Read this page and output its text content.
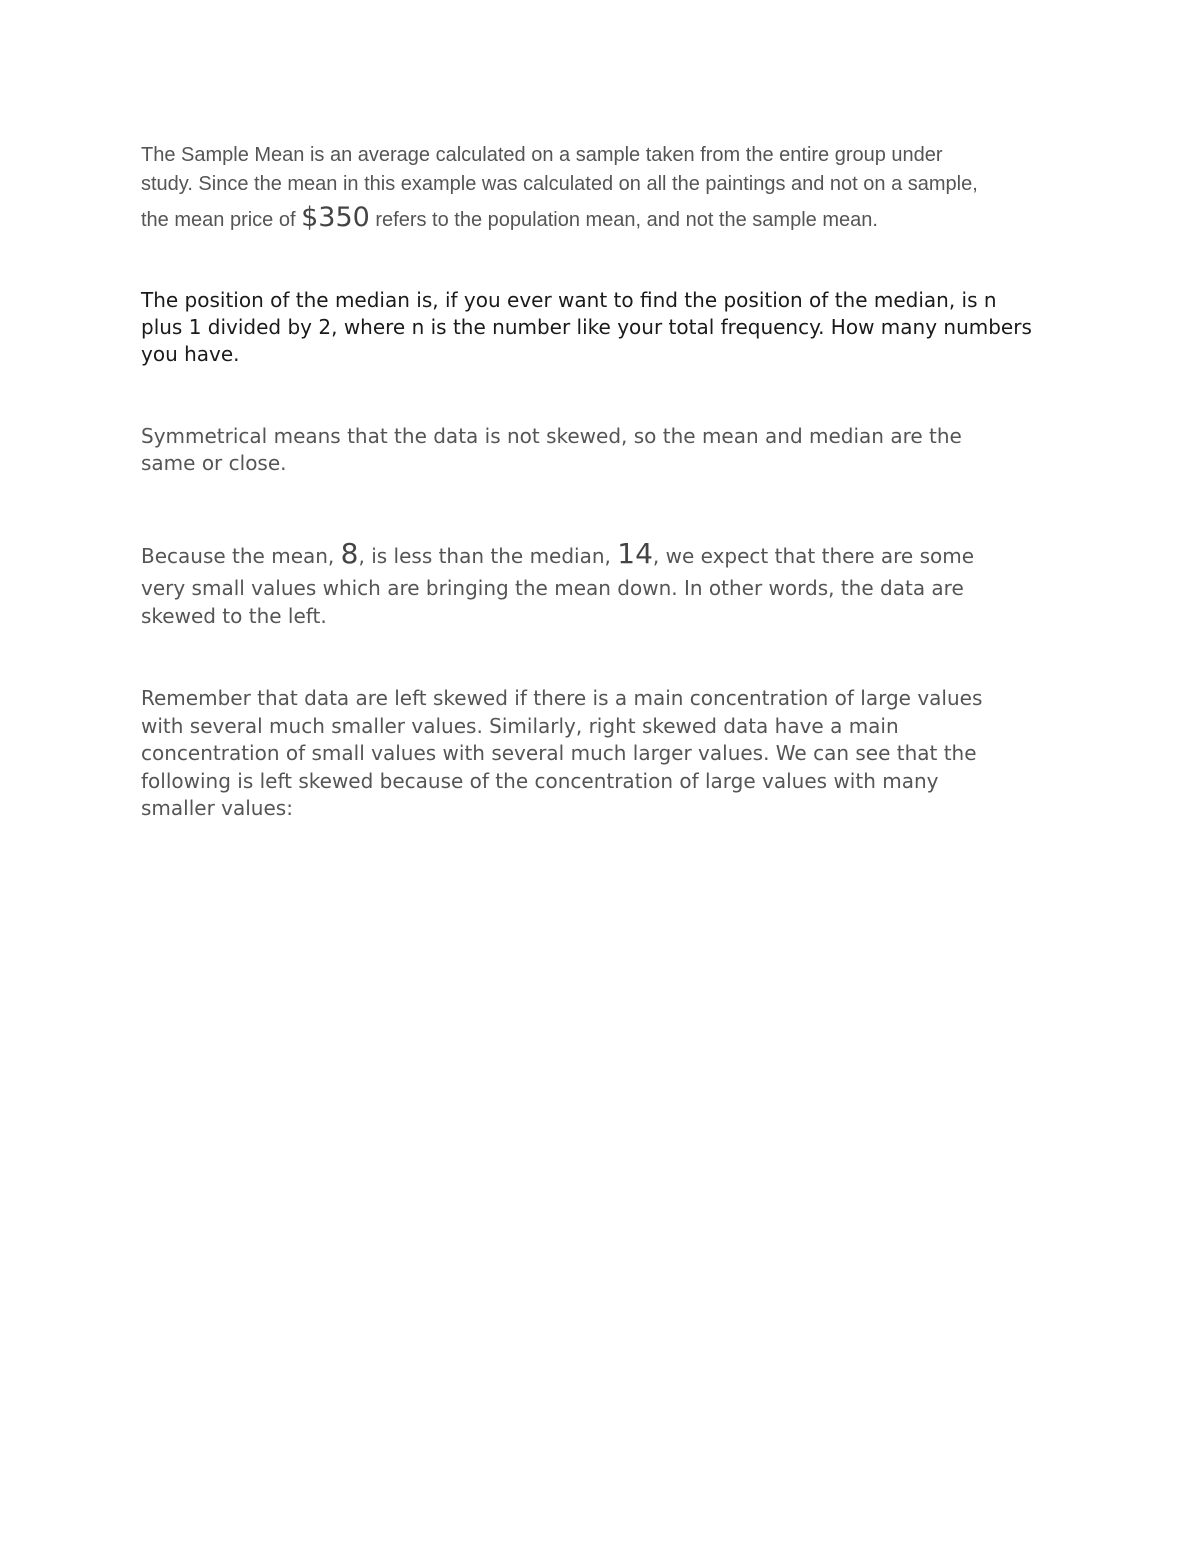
The Sample Mean is an average calculated on a sample taken from the entire group under
study. Since the mean in this example was calculated on all the paintings and not on a sample,
the mean price of $350 refers to the population mean, and not the sample mean.

The position of the median is, if you ever want to find the position of the median, is n
plus 1 divided by 2, where n is the number like your total frequency. How many numbers
you have.

Symmetrical means that the data is not skewed, so the mean and median are the
same or close.

Because the mean, 8, is less than the median, 14, we expect that there are some
very small values which are bringing the mean down. In other words, the data are
skewed to the left.

Remember that data are left skewed if there is a main concentration of large values
with several much smaller values. Similarly, right skewed data have a main
concentration of small values with several much larger values. We can see that the
following is left skewed because of the concentration of large values with many
smaller values:
